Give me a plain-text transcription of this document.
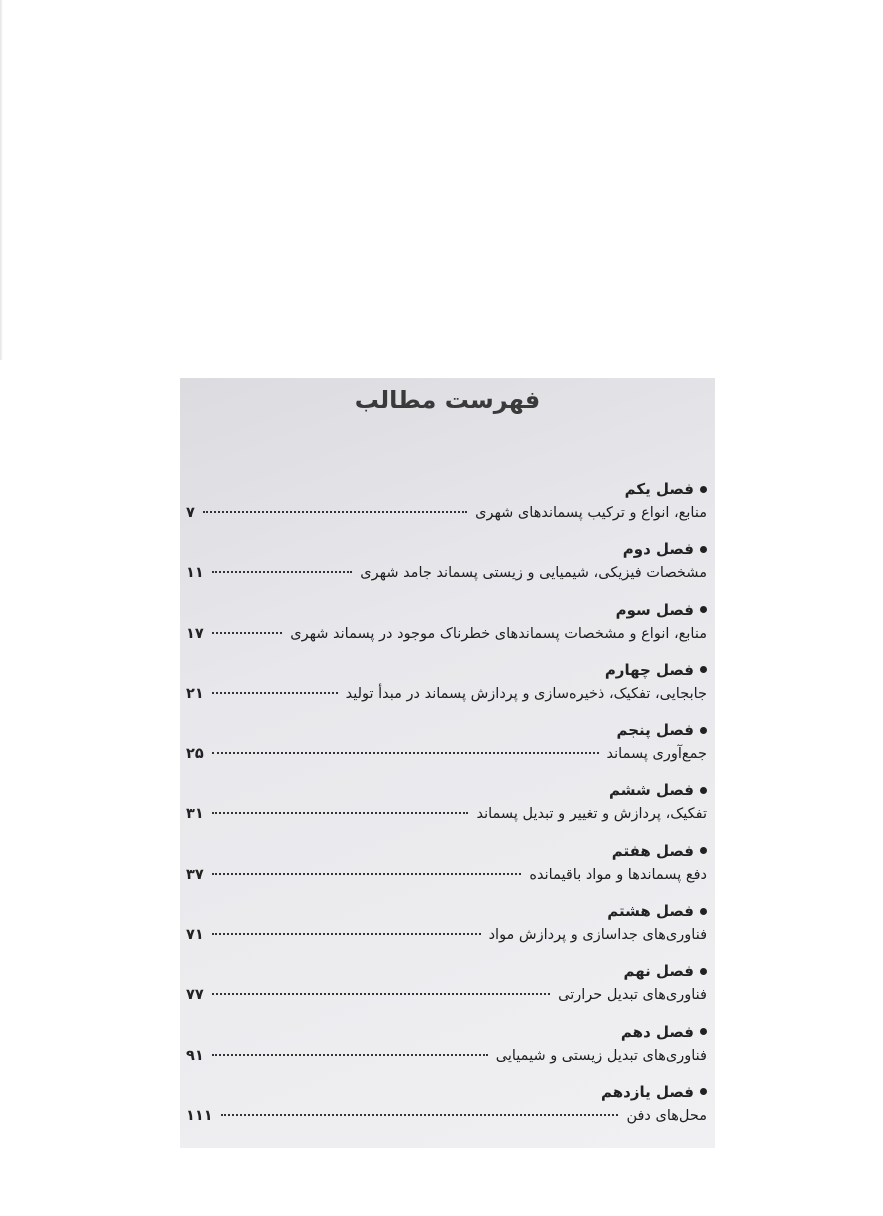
فهرست مطالب
فصل یکم
منابع، انواع و ترکیب پسماندهای شهری
۷
فصل دوم
مشخصات فیزیکی، شیمیایی و زیستی پسماند جامد شهری
۱۱
فصل سوم
منابع، انواع و مشخصات پسماندهای خطرناک موجود در پسماند شهری
۱۷
فصل چهارم
جابجایی، تفکیک، ذخیره‌سازی و پردازش پسماند در مبدأ تولید
۲۱
فصل پنجم
جمع‌آوری پسماند
۲۵
فصل ششم
تفکیک، پردازش و تغییر و تبدیل پسماند
۳۱
فصل هفتم
دفع پسماندها و مواد باقیمانده
۳۷
فصل هشتم
فناوری‌های جداسازی و پردازش مواد
۷۱
فصل نهم
فناوری‌های تبدیل حرارتی
۷۷
فصل دهم
فناوری‌های تبدیل زیستی و شیمیایی
۹۱
فصل یازدهم
محل‌های دفن
۱۱۱
